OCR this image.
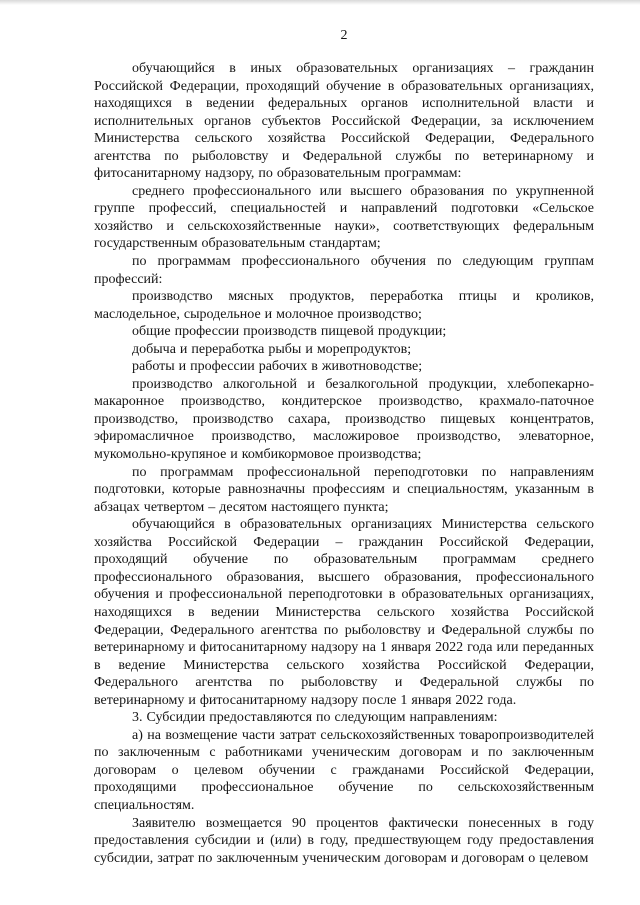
2

обучающийся в иных образовательных организациях – гражданин Российской Федерации, проходящий обучение в образовательных организациях, находящихся в ведении федеральных органов исполнительной власти и исполнительных органов субъектов Российской Федерации, за исключением Министерства сельского хозяйства Российской Федерации, Федерального агентства по рыболовству и Федеральной службы по ветеринарному и фитосанитарному надзору, по образовательным программам:

среднего профессионального или высшего образования по укрупненной группе профессий, специальностей и направлений подготовки «Сельское хозяйство и сельскохозяйственные науки», соответствующих федеральным государственным образовательным стандартам;

по программам профессионального обучения по следующим группам профессий:

производство мясных продуктов, переработка птицы и кроликов, маслодельное, сыродельное и молочное производство;

общие профессии производств пищевой продукции;

добыча и переработка рыбы и морепродуктов;

работы и профессии рабочих в животноводстве;

производство алкогольной и безалкогольной продукции, хлебопекарно-макаронное производство, кондитерское производство, крахмало-паточное производство, производство сахара, производство пищевых концентратов, эфиромасличное производство, масложировое производство, элеваторное, мукомольно-крупяное и комбикормовое производства;

по программам профессиональной переподготовки по направлениям подготовки, которые равнозначны профессиям и специальностям, указанным в абзацах четвертом – десятом настоящего пункта;

обучающийся в образовательных организациях Министерства сельского хозяйства Российской Федерации – гражданин Российской Федерации, проходящий обучение по образовательным программам среднего профессионального образования, высшего образования, профессионального обучения и профессиональной переподготовки в образовательных организациях, находящихся в ведении Министерства сельского хозяйства Российской Федерации, Федерального агентства по рыболовству и Федеральной службы по ветеринарному и фитосанитарному надзору на 1 января 2022 года или переданных в ведение Министерства сельского хозяйства Российской Федерации, Федерального агентства по рыболовству и Федеральной службы по ветеринарному и фитосанитарному надзору после 1 января 2022 года.

3. Субсидии предоставляются по следующим направлениям:

а) на возмещение части затрат сельскохозяйственных товаропроизводителей по заключенным с работниками ученическим договорам и по заключенным договорам о целевом обучении с гражданами Российской Федерации, проходящими профессиональное обучение по сельскохозяйственным специальностям.

Заявителю возмещается 90 процентов фактически понесенных в году предоставления субсидии и (или) в году, предшествующем году предоставления субсидии, затрат по заключенным ученическим договорам и договорам о целевом
